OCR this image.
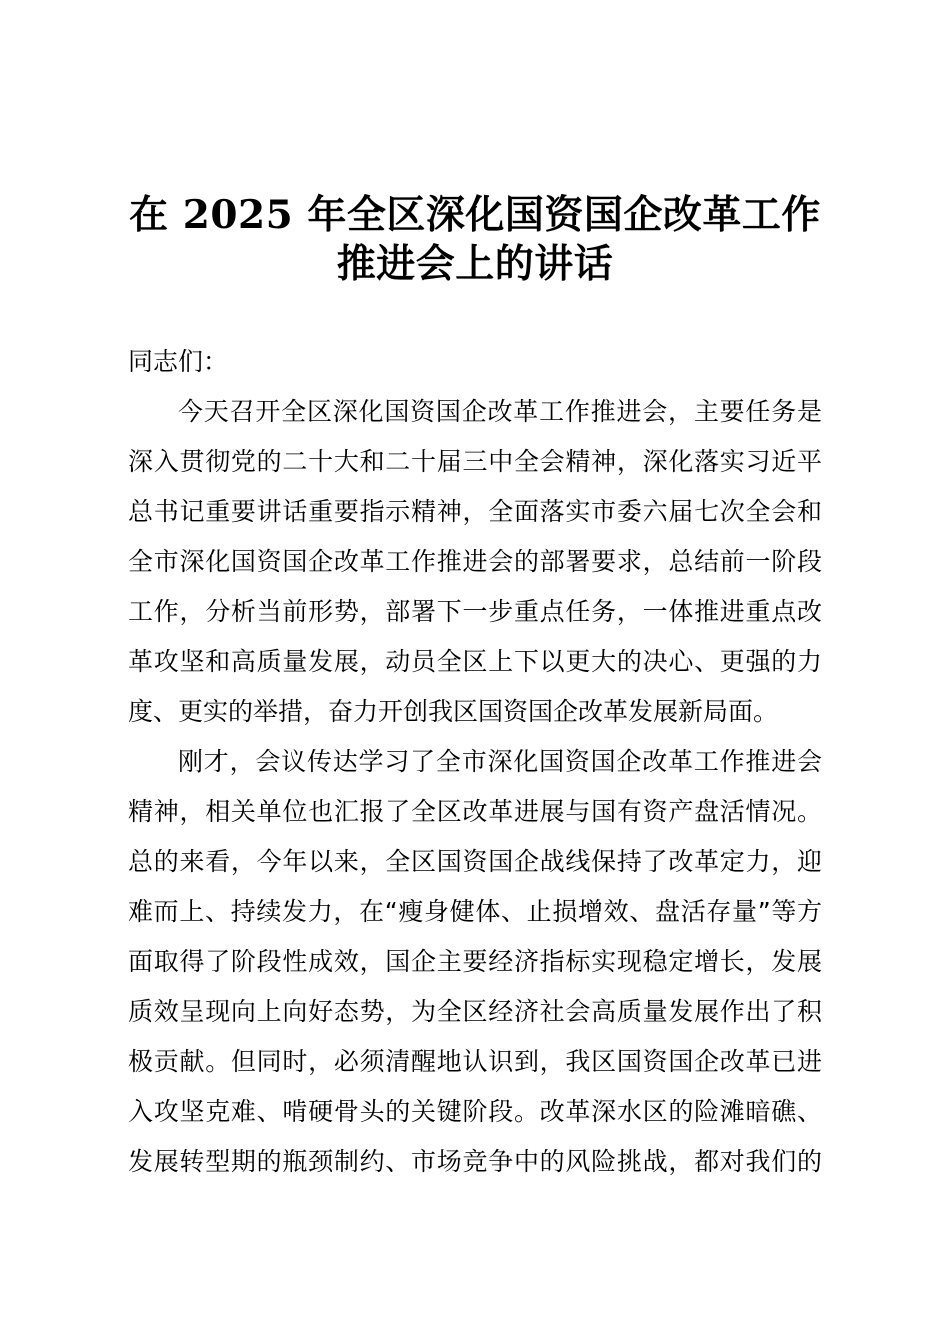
在 2025 年全区深化国资国企改革工作
推进会上的讲话
同志们：
今天召开全区深化国资国企改革工作推进会，主要任务是
深入贯彻党的二十大和二十届三中全会精神，深化落实习近平
总书记重要讲话重要指示精神，全面落实市委六届七次全会和
全市深化国资国企改革工作推进会的部署要求，总结前一阶段
工作，分析当前形势，部署下一步重点任务，一体推进重点改
革攻坚和高质量发展，动员全区上下以更大的决心、更强的力
度、更实的举措，奋力开创我区国资国企改革发展新局面。
刚才，会议传达学习了全市深化国资国企改革工作推进会
精神，相关单位也汇报了全区改革进展与国有资产盘活情况。
总的来看，今年以来，全区国资国企战线保持了改革定力，迎
难而上、持续发力，在“瘦身健体、止损增效、盘活存量”等方
面取得了阶段性成效，国企主要经济指标实现稳定增长，发展
质效呈现向上向好态势，为全区经济社会高质量发展作出了积
极贡献。但同时，必须清醒地认识到，我区国资国企改革已进
入攻坚克难、啃硬骨头的关键阶段。改革深水区的险滩暗礁、
发展转型期的瓶颈制约、市场竞争中的风险挑战，都对我们的
